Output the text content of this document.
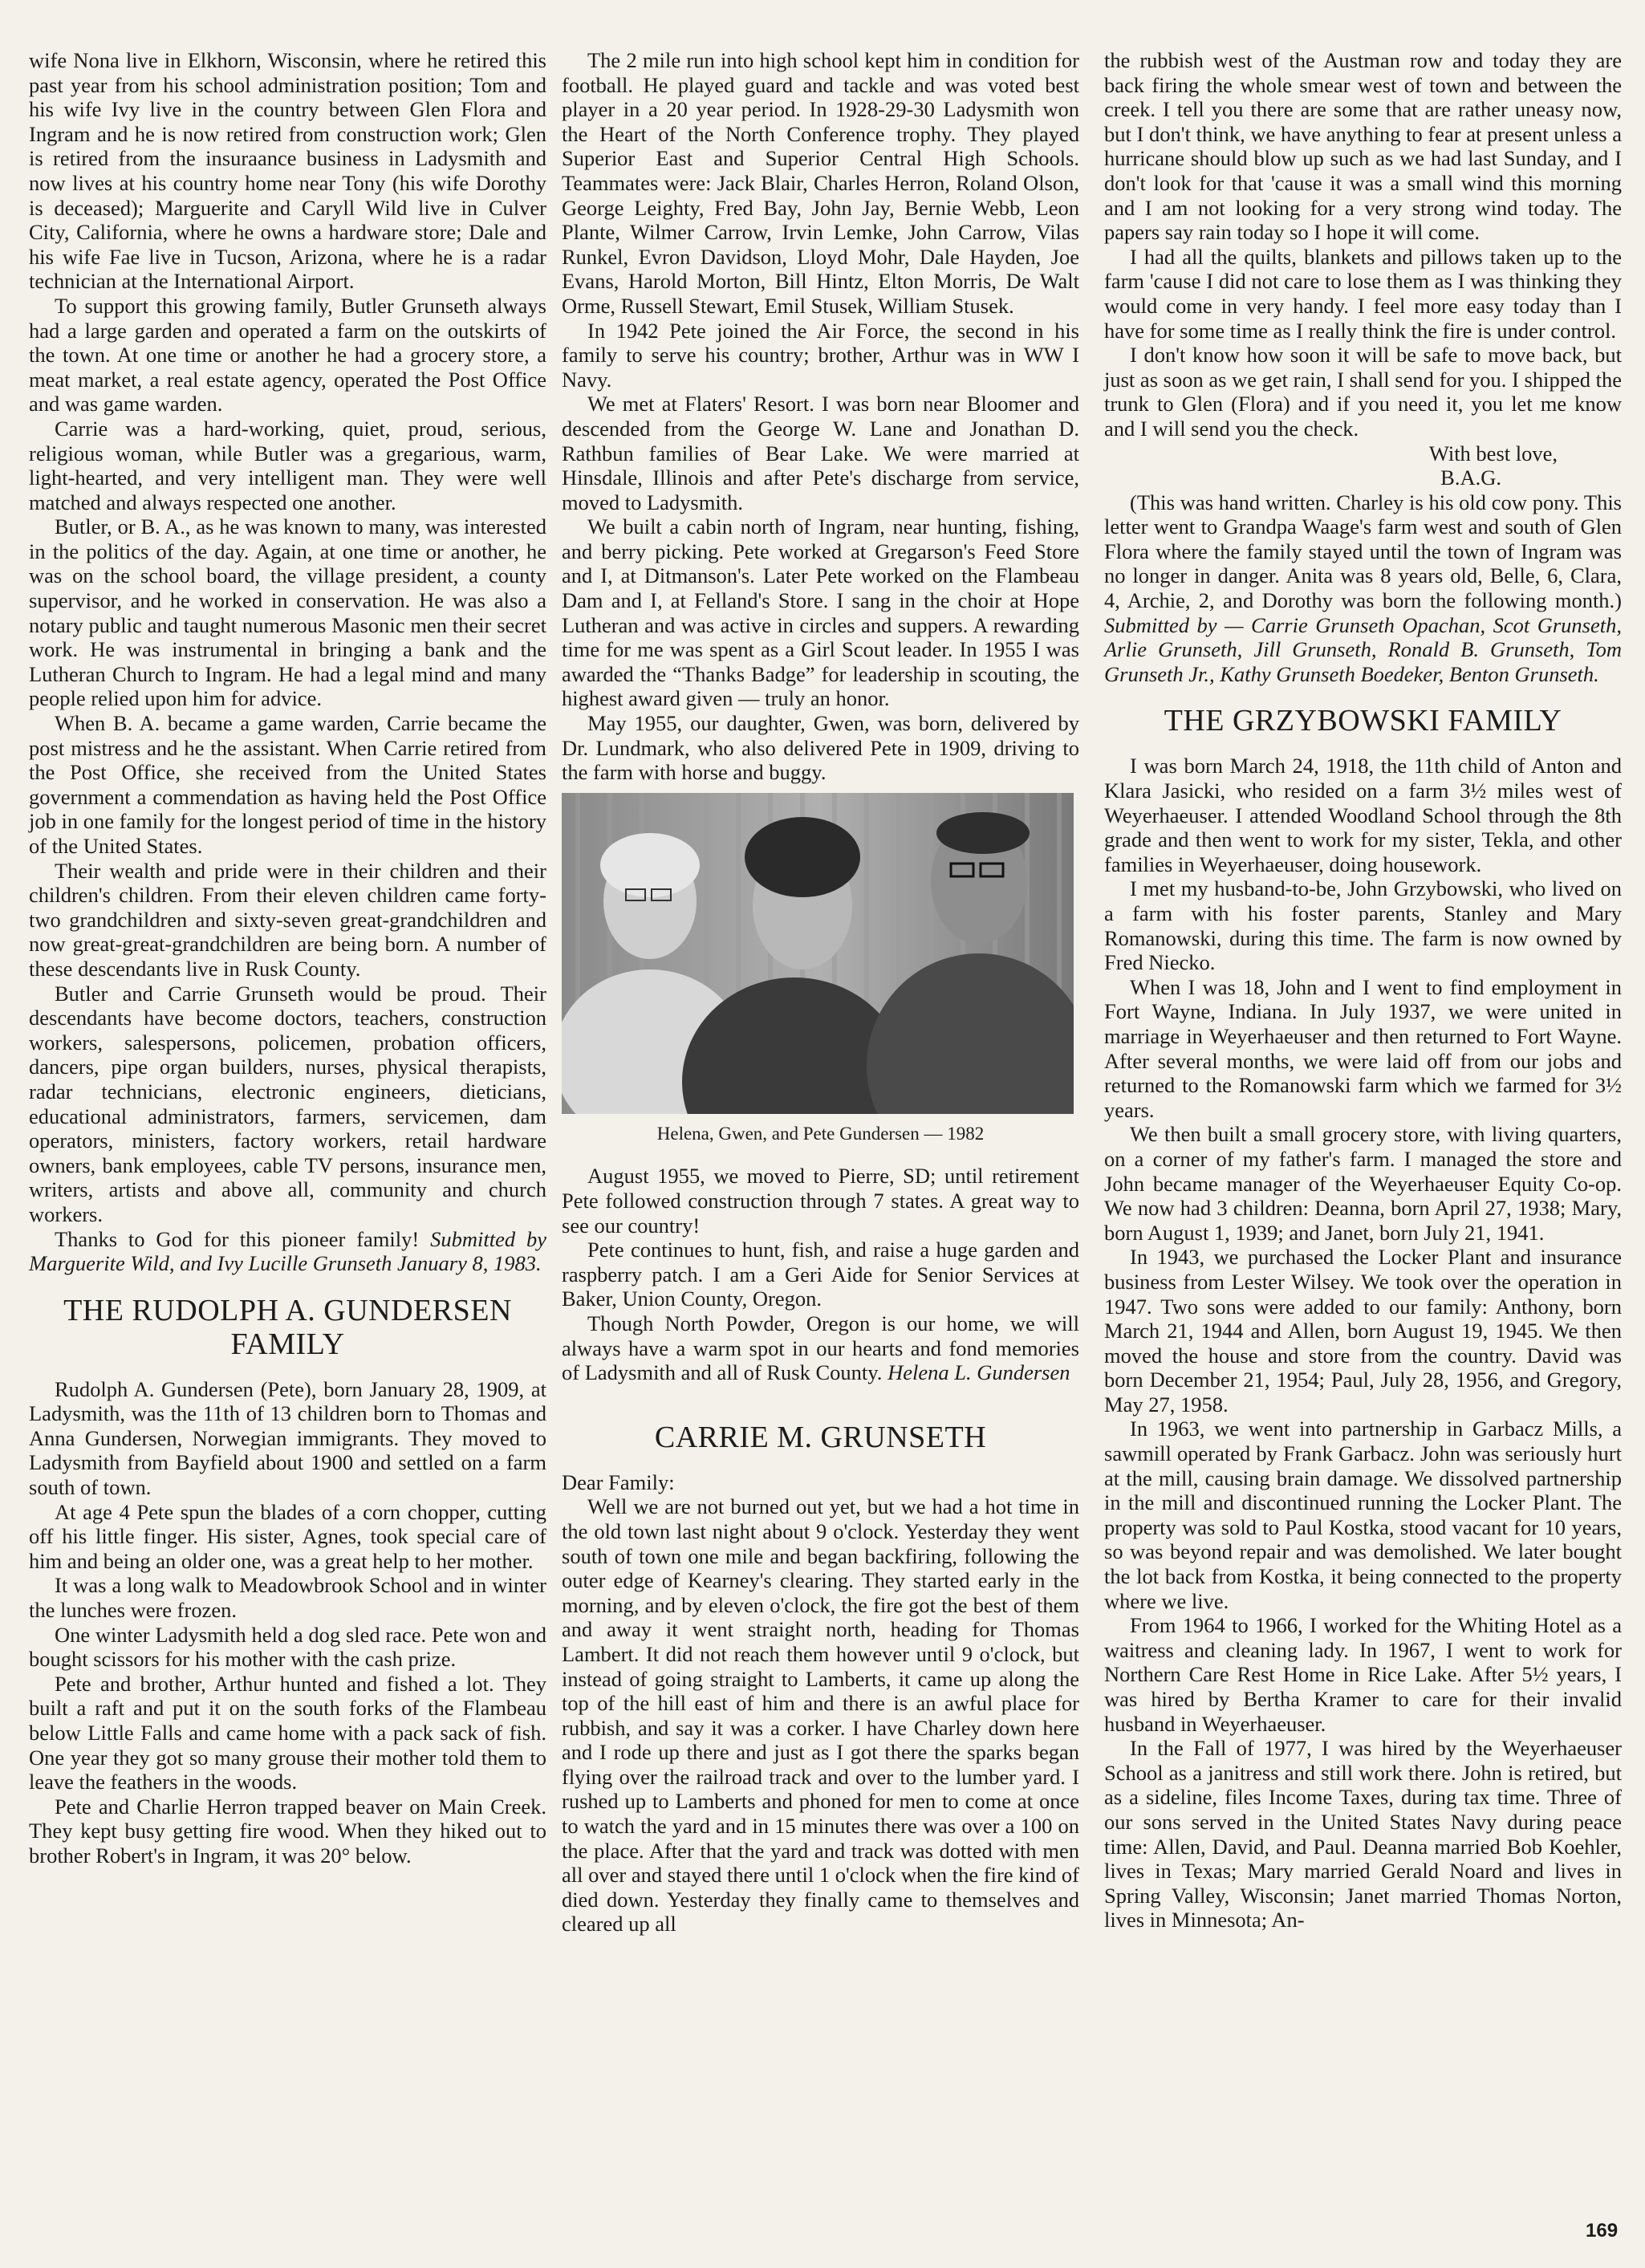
wife Nona live in Elkhorn, Wisconsin, where he retired this past year from his school administration position; Tom and his wife Ivy live in the country between Glen Flora and Ingram and he is now retired from construction work; Glen is retired from the insuraance business in Ladysmith and now lives at his country home near Tony (his wife Dorothy is deceased); Marguerite and Caryll Wild live in Culver City, California, where he owns a hardware store; Dale and his wife Fae live in Tucson, Arizona, where he is a radar technician at the International Airport.

To support this growing family, Butler Grunseth always had a large garden and operated a farm on the outskirts of the town. At one time or another he had a grocery store, a meat market, a real estate agency, operated the Post Office and was game warden.

Carrie was a hard-working, quiet, proud, serious, religious woman, while Butler was a gregarious, warm, light-hearted, and very intelligent man. They were well matched and always respected one another.

Butler, or B. A., as he was known to many, was interested in the politics of the day. Again, at one time or another, he was on the school board, the village president, a county supervisor, and he worked in conservation. He was also a notary public and taught numerous Masonic men their secret work. He was instrumental in bringing a bank and the Lutheran Church to Ingram. He had a legal mind and many people relied upon him for advice.

When B. A. became a game warden, Carrie became the post mistress and he the assistant. When Carrie retired from the Post Office, she received from the United States government a commendation as having held the Post Office job in one family for the longest period of time in the history of the United States.

Their wealth and pride were in their children and their children's children. From their eleven children came forty-two grandchildren and sixty-seven great-grandchildren and now great-great-grandchildren are being born. A number of these descendants live in Rusk County.

Butler and Carrie Grunseth would be proud. Their descendants have become doctors, teachers, construction workers, salespersons, policemen, probation officers, dancers, pipe organ builders, nurses, physical therapists, radar technicians, electronic engineers, dieticians, educational administrators, farmers, servicemen, dam operators, ministers, factory workers, retail hardware owners, bank employees, cable TV persons, insurance men, writers, artists and above all, community and church workers.

Thanks to God for this pioneer family! Submitted by Marguerite Wild, and Ivy Lucille Grunseth January 8, 1983.

THE RUDOLPH A. GUNDERSEN FAMILY

Rudolph A. Gundersen (Pete), born January 28, 1909, at Ladysmith, was the 11th of 13 children born to Thomas and Anna Gundersen, Norwegian immigrants. They moved to Ladysmith from Bayfield about 1900 and settled on a farm south of town.

At age 4 Pete spun the blades of a corn chopper, cutting off his little finger. His sister, Agnes, took special care of him and being an older one, was a great help to her mother.

It was a long walk to Meadowbrook School and in winter the lunches were frozen.

One winter Ladysmith held a dog sled race. Pete won and bought scissors for his mother with the cash prize.

Pete and brother, Arthur hunted and fished a lot. They built a raft and put it on the south forks of the Flambeau below Little Falls and came home with a pack sack of fish. One year they got so many grouse their mother told them to leave the feathers in the woods.

Pete and Charlie Herron trapped beaver on Main Creek. They kept busy getting fire wood. When they hiked out to brother Robert's in Ingram, it was 20° below.

The 2 mile run into high school kept him in condition for football. He played guard and tackle and was voted best player in a 20 year period. In 1928-29-30 Ladysmith won the Heart of the North Conference trophy. They played Superior East and Superior Central High Schools. Teammates were: Jack Blair, Charles Herron, Roland Olson, George Leighty, Fred Bay, John Jay, Bernie Webb, Leon Plante, Wilmer Carrow, Irvin Lemke, John Carrow, Vilas Runkel, Evron Davidson, Lloyd Mohr, Dale Hayden, Joe Evans, Harold Morton, Bill Hintz, Elton Morris, De Walt Orme, Russell Stewart, Emil Stusek, William Stusek.

In 1942 Pete joined the Air Force, the second in his family to serve his country; brother, Arthur was in WW I Navy.

We met at Flaters' Resort. I was born near Bloomer and descended from the George W. Lane and Jonathan D. Rathbun families of Bear Lake. We were married at Hinsdale, Illinois and after Pete's discharge from service, moved to Ladysmith.

We built a cabin north of Ingram, near hunting, fishing, and berry picking. Pete worked at Gregarson's Feed Store and I, at Ditmanson's. Later Pete worked on the Flambeau Dam and I, at Felland's Store. I sang in the choir at Hope Lutheran and was active in circles and suppers. A rewarding time for me was spent as a Girl Scout leader. In 1955 I was awarded the “Thanks Badge” for leadership in scouting, the highest award given — truly an honor.

May 1955, our daughter, Gwen, was born, delivered by Dr. Lundmark, who also delivered Pete in 1909, driving to the farm with horse and buggy.

Helena, Gwen, and Pete Gundersen — 1982

August 1955, we moved to Pierre, SD; until retirement Pete followed construction through 7 states. A great way to see our country!

Pete continues to hunt, fish, and raise a huge garden and raspberry patch. I am a Geri Aide for Senior Services at Baker, Union County, Oregon.

Though North Powder, Oregon is our home, we will always have a warm spot in our hearts and fond memories of Ladysmith and all of Rusk County. Helena L. Gundersen

CARRIE M. GRUNSETH

Dear Family:

Well we are not burned out yet, but we had a hot time in the old town last night about 9 o'clock. Yesterday they went south of town one mile and began backfiring, following the outer edge of Kearney's clearing. They started early in the morning, and by eleven o'clock, the fire got the best of them and away it went straight north, heading for Thomas Lambert. It did not reach them however until 9 o'clock, but instead of going straight to Lamberts, it came up along the top of the hill east of him and there is an awful place for rubbish, and say it was a corker. I have Charley down here and I rode up there and just as I got there the sparks began flying over the railroad track and over to the lumber yard. I rushed up to Lamberts and phoned for men to come at once to watch the yard and in 15 minutes there was over a 100 on the place. After that the yard and track was dotted with men all over and stayed there until 1 o'clock when the fire kind of died down. Yesterday they finally came to themselves and cleared up all

the rubbish west of the Austman row and today they are back firing the whole smear west of town and between the creek. I tell you there are some that are rather uneasy now, but I don't think, we have anything to fear at present unless a hurricane should blow up such as we had last Sunday, and I don't look for that 'cause it was a small wind this morning and I am not looking for a very strong wind today. The papers say rain today so I hope it will come.

I had all the quilts, blankets and pillows taken up to the farm 'cause I did not care to lose them as I was thinking they would come in very handy. I feel more easy today than I have for some time as I really think the fire is under control.

I don't know how soon it will be safe to move back, but just as soon as we get rain, I shall send for you. I shipped the trunk to Glen (Flora) and if you need it, you let me know and I will send you the check.

With best love,

B.A.G.

(This was hand written. Charley is his old cow pony. This letter went to Grandpa Waage's farm west and south of Glen Flora where the family stayed until the town of Ingram was no longer in danger. Anita was 8 years old, Belle, 6, Clara, 4, Archie, 2, and Dorothy was born the following month.) Submitted by — Carrie Grunseth Opachan, Scot Grunseth, Arlie Grunseth, Jill Grunseth, Ronald B. Grunseth, Tom Grunseth Jr., Kathy Grunseth Boedeker, Benton Grunseth.

THE GRZYBOWSKI FAMILY

I was born March 24, 1918, the 11th child of Anton and Klara Jasicki, who resided on a farm 3½ miles west of Weyerhaeuser. I attended Woodland School through the 8th grade and then went to work for my sister, Tekla, and other families in Weyerhaeuser, doing housework.

I met my husband-to-be, John Grzybowski, who lived on a farm with his foster parents, Stanley and Mary Romanowski, during this time. The farm is now owned by Fred Niecko.

When I was 18, John and I went to find employment in Fort Wayne, Indiana. In July 1937, we were united in marriage in Weyerhaeuser and then returned to Fort Wayne. After several months, we were laid off from our jobs and returned to the Romanowski farm which we farmed for 3½ years.

We then built a small grocery store, with living quarters, on a corner of my father's farm. I managed the store and John became manager of the Weyerhaeuser Equity Co-op. We now had 3 children: Deanna, born April 27, 1938; Mary, born August 1, 1939; and Janet, born July 21, 1941.

In 1943, we purchased the Locker Plant and insurance business from Lester Wilsey. We took over the operation in 1947. Two sons were added to our family: Anthony, born March 21, 1944 and Allen, born August 19, 1945. We then moved the house and store from the country. David was born December 21, 1954; Paul, July 28, 1956, and Gregory, May 27, 1958.

In 1963, we went into partnership in Garbacz Mills, a sawmill operated by Frank Garbacz. John was seriously hurt at the mill, causing brain damage. We dissolved partnership in the mill and discontinued running the Locker Plant. The property was sold to Paul Kostka, stood vacant for 10 years, so was beyond repair and was demolished. We later bought the lot back from Kostka, it being connected to the property where we live.

From 1964 to 1966, I worked for the Whiting Hotel as a waitress and cleaning lady. In 1967, I went to work for Northern Care Rest Home in Rice Lake. After 5½ years, I was hired by Bertha Kramer to care for their invalid husband in Weyerhaeuser.

In the Fall of 1977, I was hired by the Weyerhaeuser School as a janitress and still work there. John is retired, but as a sideline, files Income Taxes, during tax time. Three of our sons served in the United States Navy during peace time: Allen, David, and Paul. Deanna married Bob Koehler, lives in Texas; Mary married Gerald Noard and lives in Spring Valley, Wisconsin; Janet married Thomas Norton, lives in Minnesota; An-

169
